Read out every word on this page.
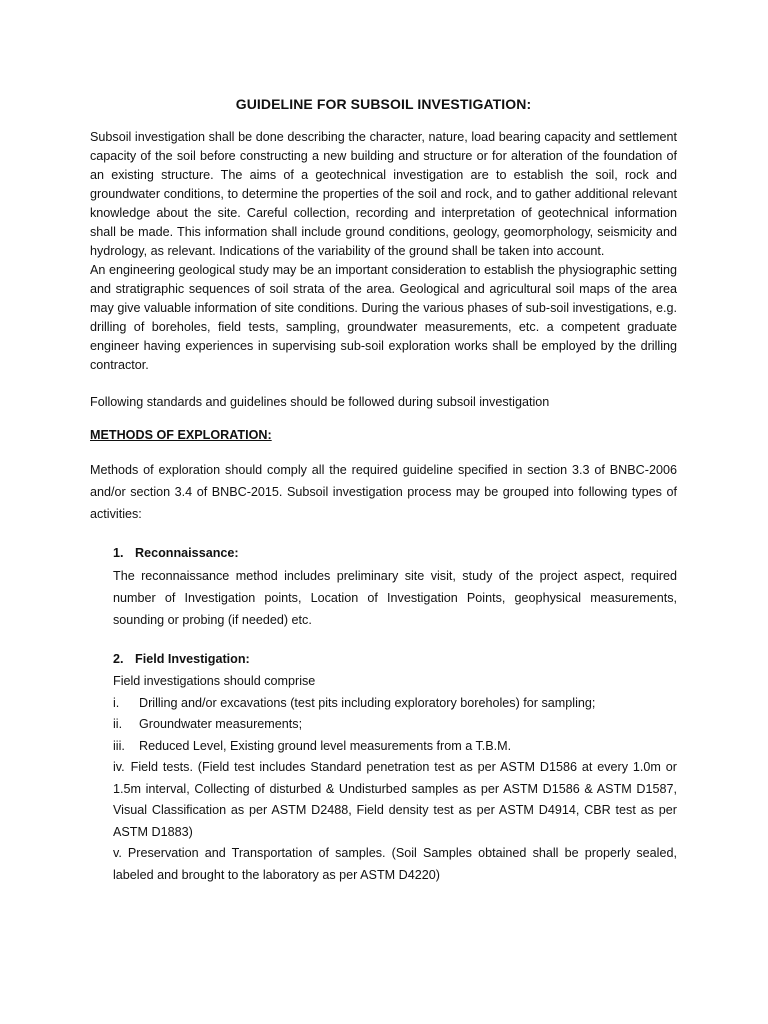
GUIDELINE FOR SUBSOIL INVESTIGATION:

Subsoil investigation shall be done describing the character, nature, load bearing capacity and settlement capacity of the soil before constructing a new building and structure or for alteration of the foundation of an existing structure. The aims of a geotechnical investigation are to establish the soil, rock and groundwater conditions, to determine the properties of the soil and rock, and to gather additional relevant knowledge about the site. Careful collection, recording and interpretation of geotechnical information shall be made. This information shall include ground conditions, geology, geomorphology, seismicity and hydrology, as relevant. Indications of the variability of the ground shall be taken into account.

An engineering geological study may be an important consideration to establish the physiographic setting and stratigraphic sequences of soil strata of the area. Geological and agricultural soil maps of the area may give valuable information of site conditions. During the various phases of sub-soil investigations, e.g. drilling of boreholes, field tests, sampling, groundwater measurements, etc. a competent graduate engineer having experiences in supervising sub-soil exploration works shall be employed by the drilling contractor.

Following standards and guidelines should be followed during subsoil investigation

METHODS OF EXPLORATION:

Methods of exploration should comply all the required guideline specified in section 3.3 of BNBC-2006 and/or section 3.4 of BNBC-2015. Subsoil investigation process may be grouped into following types of activities:

1. Reconnaissance:

The reconnaissance method includes preliminary site visit, study of the project aspect, required number of Investigation points, Location of Investigation Points, geophysical measurements, sounding or probing (if needed) etc.

2. Field Investigation:
Field investigations should comprise
i. Drilling and/or excavations (test pits including exploratory boreholes) for sampling;
ii. Groundwater measurements;
iii. Reduced Level, Existing ground level measurements from a T.B.M.
iv. Field tests. (Field test includes Standard penetration test as per ASTM D1586 at every 1.0m or 1.5m interval, Collecting of disturbed & Undisturbed samples as per ASTM D1586 & ASTM D1587, Visual Classification as per ASTM D2488, Field density test as per ASTM D4914, CBR test as per ASTM D1883)
v. Preservation and Transportation of samples. (Soil Samples obtained shall be properly sealed, labeled and brought to the laboratory as per ASTM D4220)
